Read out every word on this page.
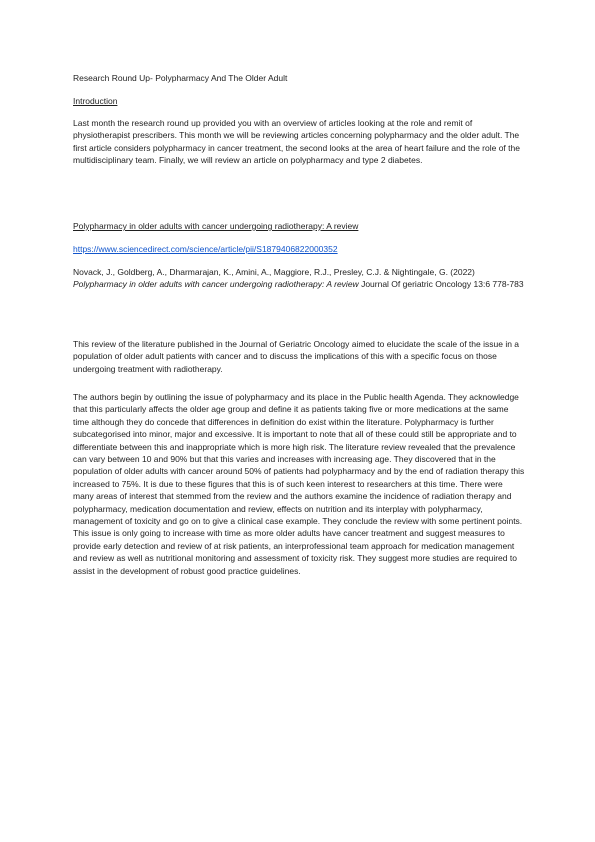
Research Round Up- Polypharmacy And The Older Adult
Introduction
Last month the research round up provided you with an overview of articles looking at the role and remit of physiotherapist prescribers. This month we will be reviewing articles concerning polypharmacy and the older adult. The first article considers polypharmacy in cancer treatment, the second looks at the area of heart failure and the role of the multidisciplinary team. Finally, we will review an article on polypharmacy and type 2 diabetes.
Polypharmacy in older adults with cancer undergoing radiotherapy: A review
https://www.sciencedirect.com/science/article/pii/S1879406822000352
Novack, J., Goldberg, A., Dharmarajan, K., Amini, A., Maggiore, R.J., Presley, C.J. & Nightingale, G. (2022) Polypharmacy in older adults with cancer undergoing radiotherapy: A review Journal Of geriatric Oncology 13:6 778-783
This review of the literature published in the Journal of Geriatric Oncology aimed to elucidate the scale of the issue in a population of older adult patients with cancer and to discuss the implications of this with a specific focus on those undergoing treatment with radiotherapy.
The authors begin by outlining the issue of polypharmacy and its place in the Public health Agenda. They acknowledge that this particularly affects the older age group and define it as patients taking five or more medications at the same time although they do concede that differences in definition do exist within the literature. Polypharmacy is further subcategorised into minor, major and excessive. It is important to note that all of these could still be appropriate and to differentiate between this and inappropriate which is more high risk. The literature review revealed that the prevalence can vary between 10 and 90% but that this varies and increases with increasing age. They discovered that in the population of older adults with cancer around 50% of patients had polypharmacy and by the end of radiation therapy this increased to 75%. It is due to these figures that this is of such keen interest to researchers at this time. There were many areas of interest that stemmed from the review and the authors examine the incidence of radiation therapy and polypharmacy, medication documentation and review, effects on nutrition and its interplay with polypharmacy, management of toxicity and go on to give a clinical case example. They conclude the review with some pertinent points. This issue is only going to increase with time as more older adults have cancer treatment and suggest measures to provide early detection and review of at risk patients, an interprofessional team approach for medication management and review as well as nutritional monitoring and assessment of toxicity risk. They suggest more studies are required to assist in the development of robust good practice guidelines.
